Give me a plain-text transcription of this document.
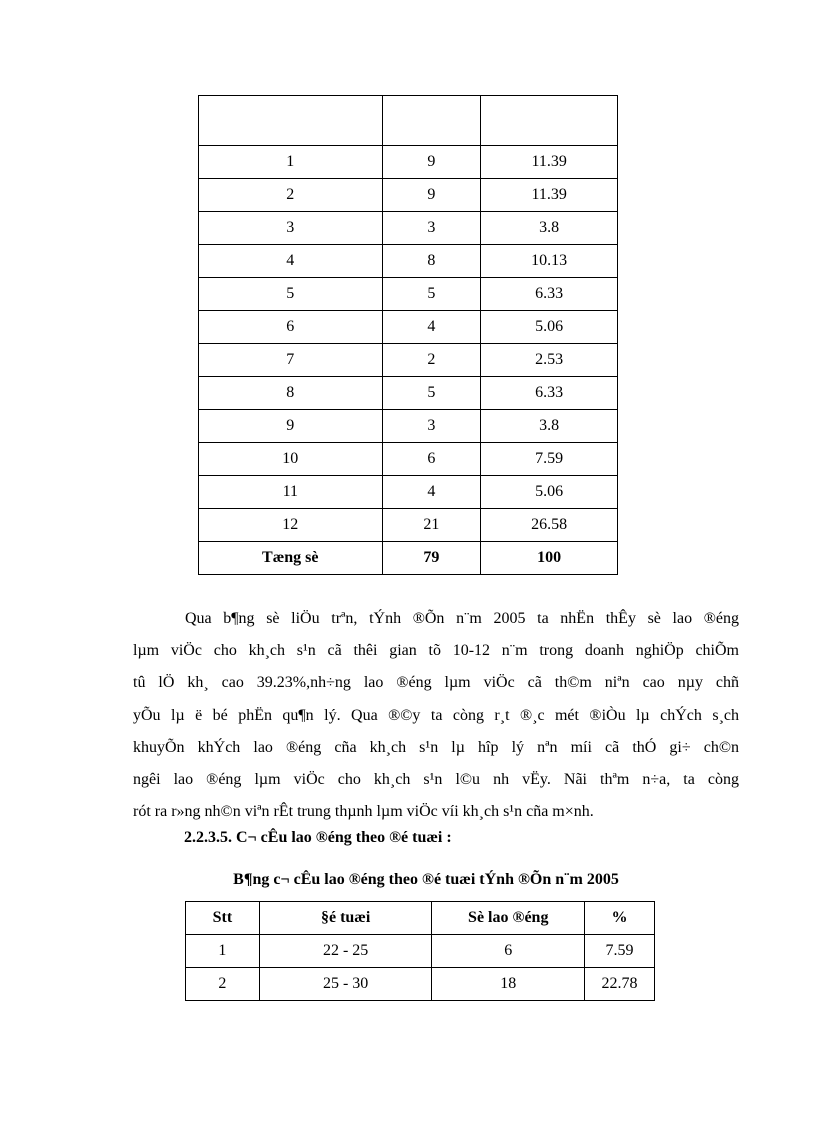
1	9	11.39
2	9	11.39
3	3	3.8
4	8	10.13
5	5	6.33
6	4	5.06
7	2	2.53
8	5	6.33
9	3	3.8
10	6	7.59
11	4	5.06
12	21	26.58
Tæng sè	79	100
Qua b¶ng sè liÖu trªn, tÝnh ®Õn n¨m 2005 ta nhËn thÊy sè lao ®éng
lµm viÖc cho kh¸ch s¹n cã thêi gian tõ 10-12 n¨m trong doanh nghiÖp chiÕm
tû lÖ kh¸ cao 39.23%,nh÷ng lao ®éng lµm viÖc cã th©m niªn cao nµy chñ
yÕu lµ ë bé phËn qu¶n lý. Qua ®©y ta còng r¸t ®¸c mét ®iÒu lµ chÝch s¸ch
khuyÕn khÝch lao ®éng cña kh¸ch s¹n lµ hîp lý nªn míi cã thÓ gi÷ ch©n
ngêi lao ®éng lµm viÖc cho kh¸ch s¹n l©u nh vËy. Nãi thªm n÷a, ta còng
rót ra r»ng nh©n viªn rÊt trung thµnh lµm viÖc víi kh¸ch s¹n cña m×nh.

2.2.3.5. C¬ cÊu lao ®éng theo ®é tuæi :

B¶ng c¬ cÊu lao ®éng theo ®é tuæi tÝnh ®Õn n¨m 2005

Stt	§é tuæi	Sè lao ®éng	%
1	22 - 25	6	7.59
2	25 - 30	18	22.78
